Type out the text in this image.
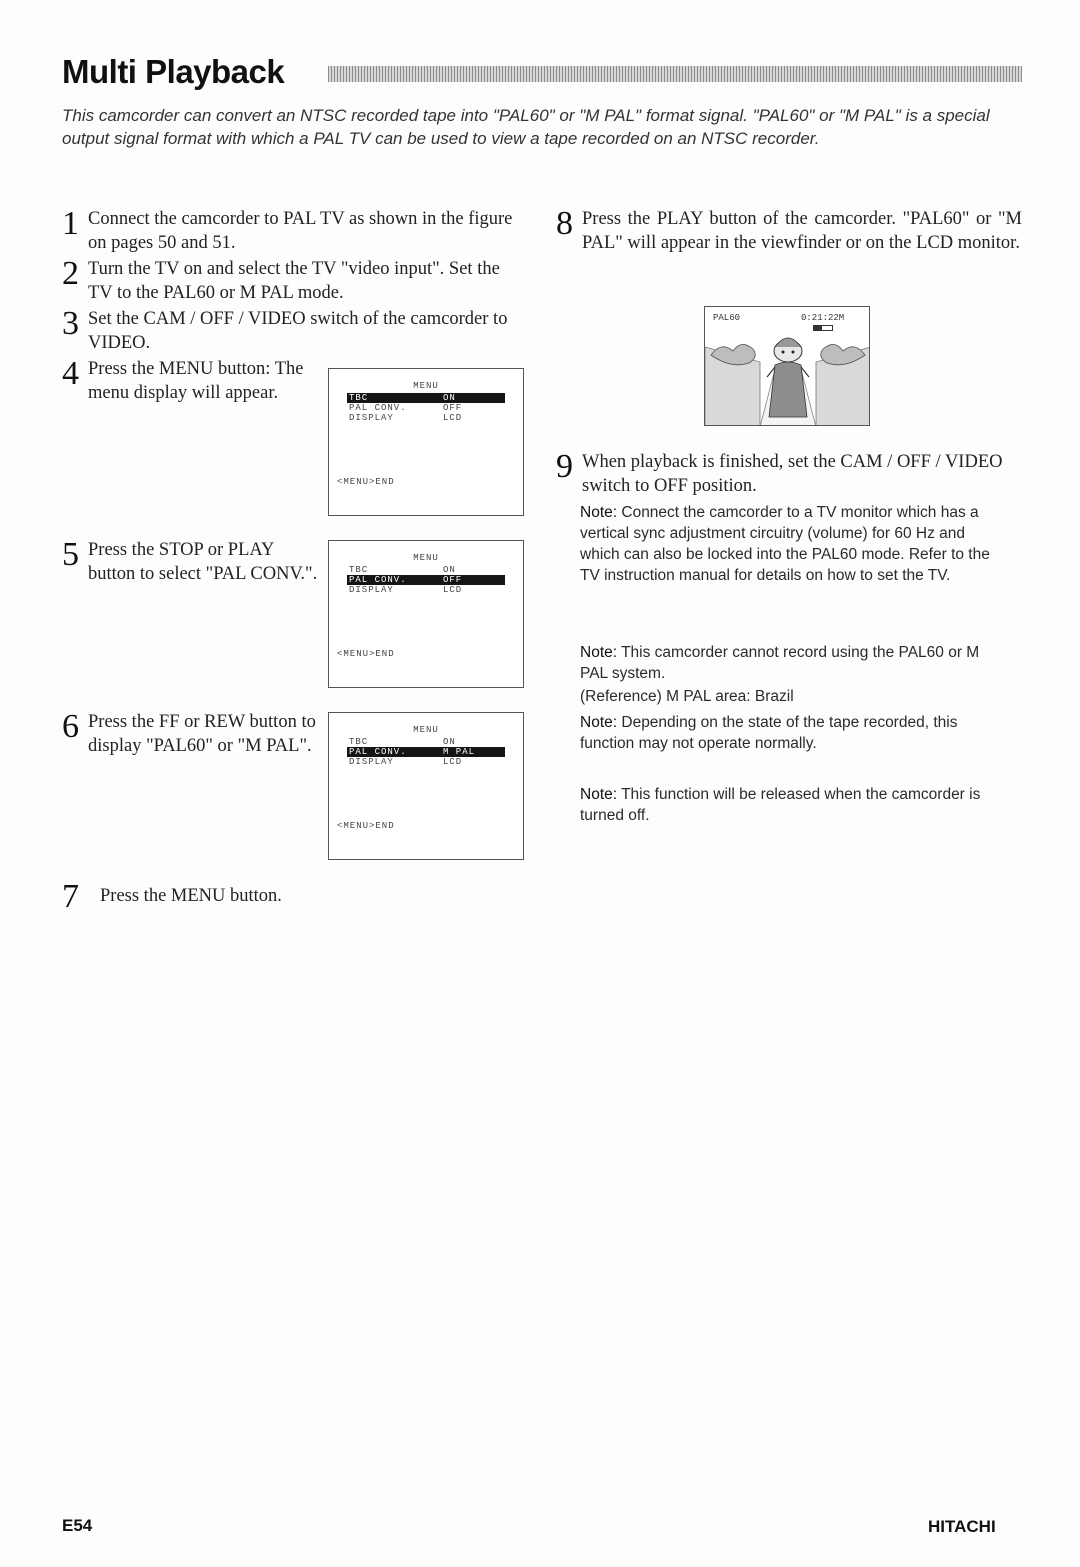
Multi Playback
This camcorder can convert an NTSC recorded tape into "PAL60" or "M PAL" format signal. "PAL60" or "M PAL" is a special output signal format with which a PAL TV can be used to view a tape recorded on an NTSC recorder.
1 Connect the camcorder to PAL TV as shown in the figure on pages 50 and 51.
2 Turn the TV on and select the TV "video input". Set the TV to the PAL60 or M PAL mode.
3 Set the CAM / OFF / VIDEO switch of the camcorder to VIDEO.
4 Press the MENU button: The menu display will appear.	MENU
TBC	ON
PAL CONV.	OFF
DISPLAY	LCD
<MENU>END
5 Press the STOP or PLAY button to select "PAL CONV.".
MENU
TBC	ON
PAL CONV.	OFF
DISPLAY	LCD
<MENU>END
6 Press the FF or REW button to display "PAL60" or "M PAL".
MENU
TBC	ON
PAL CONV.	M PAL
DISPLAY	LCD
<MENU>END
7 Press the MENU button.
8 Press the PLAY button of the camcorder. "PAL60" or "M PAL" will appear in the viewfinder or on the LCD monitor.
PAL60	0:21:22M
9 When playback is finished, set the CAM / OFF / VIDEO switch to OFF position.
Note: Connect the camcorder to a TV monitor which has a vertical sync adjustment circuitry (volume) for 60 Hz and which can also be locked into the PAL60 mode. Refer to the TV instruction manual for details on how to set the TV.
Note: This camcorder cannot record using the PAL60 or M PAL system.
(Reference) M PAL area: Brazil
Note: Depending on the state of the tape recorded, this function may not operate normally.
Note: This function will be released when the camcorder is turned off.
E54	HITACHI
